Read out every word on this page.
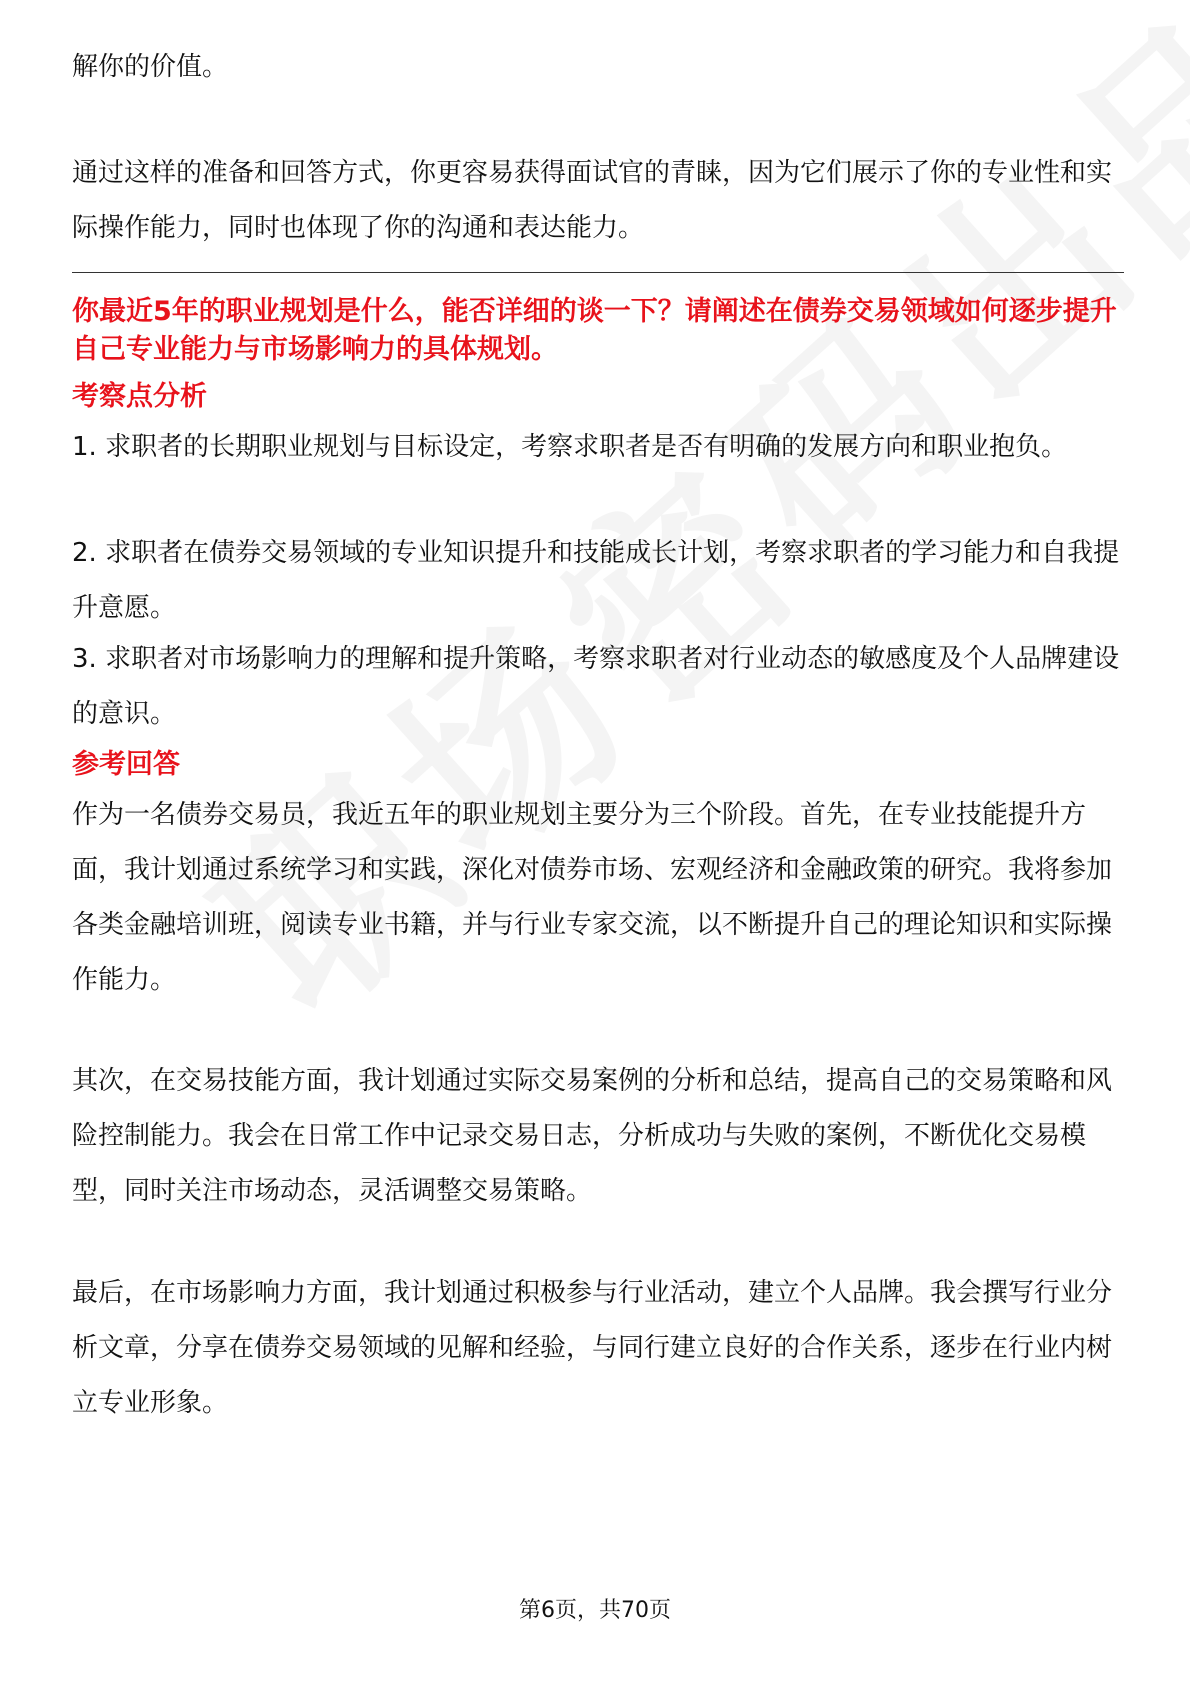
解你的价值。

通过这样的准备和回答方式，你更容易获得面试官的青睐，因为它们展示了你的专业性和实际操作能力，同时也体现了你的沟通和表达能力。

你最近5年的职业规划是什么，能否详细的谈一下？请阐述在债券交易领域如何逐步提升自己专业能力与市场影响力的具体规划。

考察点分析

1. 求职者的长期职业规划与目标设定，考察求职者是否有明确的发展方向和职业抱负。

2. 求职者在债券交易领域的专业知识提升和技能成长计划，考察求职者的学习能力和自我提升意愿。

3. 求职者对市场影响力的理解和提升策略，考察求职者对行业动态的敏感度及个人品牌建设的意识。

参考回答

作为一名债券交易员，我近五年的职业规划主要分为三个阶段。首先，在专业技能提升方面，我计划通过系统学习和实践，深化对债券市场、宏观经济和金融政策的研究。我将参加各类金融培训班，阅读专业书籍，并与行业专家交流，以不断提升自己的理论知识和实际操作能力。

其次，在交易技能方面，我计划通过实际交易案例的分析和总结，提高自己的交易策略和风险控制能力。我会在日常工作中记录交易日志，分析成功与失败的案例，不断优化交易模型，同时关注市场动态，灵活调整交易策略。

最后，在市场影响力方面，我计划通过积极参与行业活动，建立个人品牌。我会撰写行业分析文章，分享在债券交易领域的见解和经验，与同行建立良好的合作关系，逐步在行业内树立专业形象。

第6页，共70页
